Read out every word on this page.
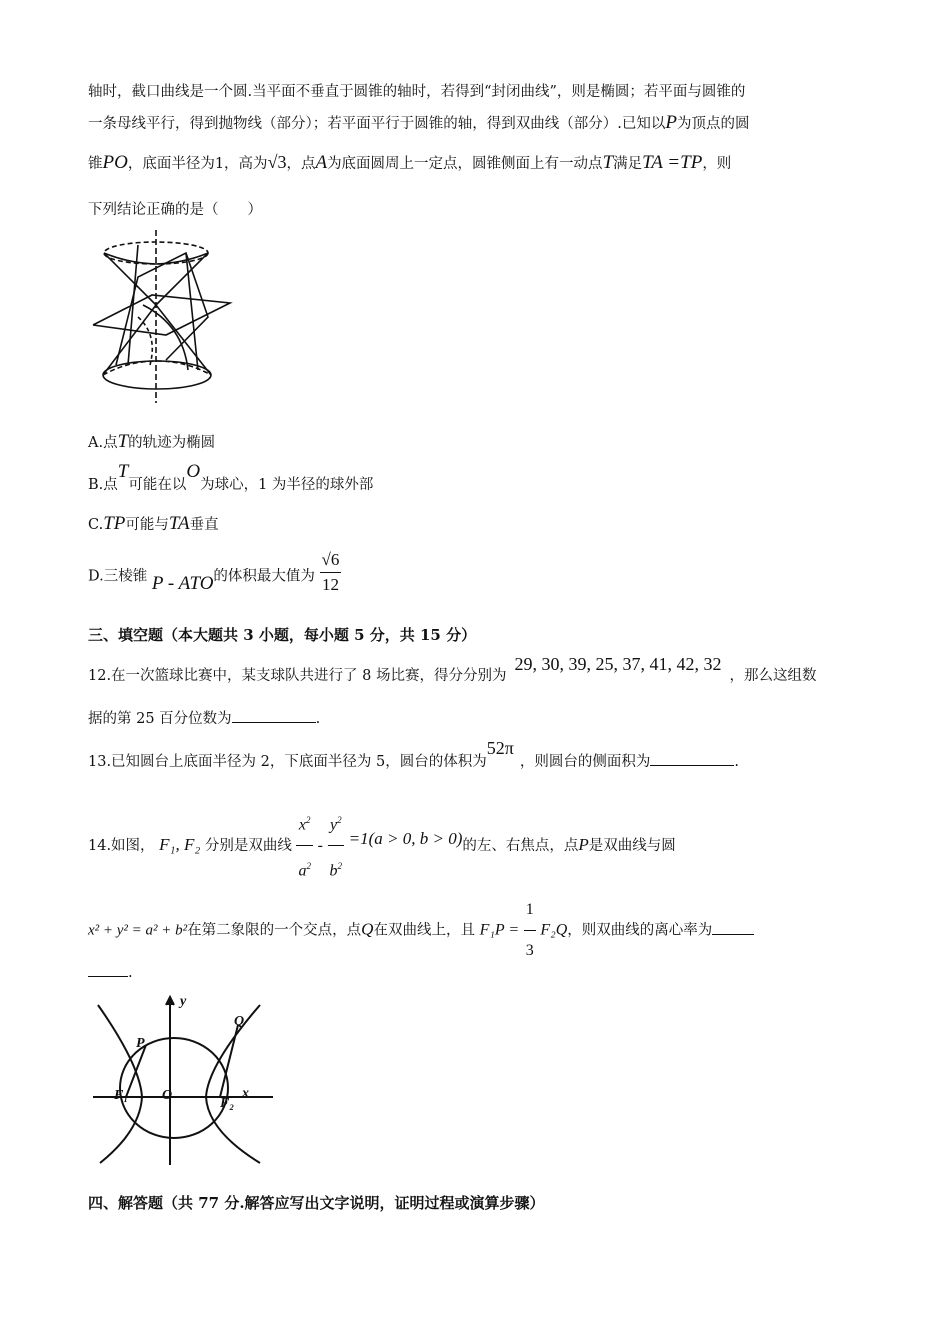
轴时，截口曲线是一个圆.当平面不垂直于圆锥的轴时，若得到“封闭曲线”，则是椭圆；若平面与圆锥的
一条母线平行，得到抛物线（部分）；若平面平行于圆锥的轴，得到双曲线（部分）.已知以P为顶点的圆
锥PO，底面半径为1，高为√3，点A为底面圆周上一定点，圆锥侧面上有一动点T满足TA =TP，则
下列结论正确的是（　　）
A.点T的轨迹为椭圆
B.点T可能在以O为球心，1 为半径的球外部
C.TP可能与TA垂直
D.三棱锥 P - ATO的体积最大值为 $\frac{√6}{12}$
三、填空题（本大题共 3 小题，每小题 5 分，共 15 分）
12.在一次篮球比赛中，某支球队共进行了 8 场比赛，得分分别为29, 30, 39, 25, 37, 41, 42, 32，那么这组数
据的第 25 百分位数为	.
13.已知圆台上底面半径为 2，下底面半径为 5，圆台的体积为52π，则圆台的侧面积为	.
14.如图， F₁, F₂ 分别是双曲线 $\frac{x^2}{a^2} - \frac{y^2}{b^2} =1(a > 0$, b > 0)的左、右焦点，点P是双曲线与圆
x² + y² = a² + b²在第二象限的一个交点，点Q在双曲线上，且 $F_1P = \frac{1}{3} F_2Q$，则双曲线的离心率为
.
y
x
P
Q
O
F₁
F₂
四、解答题（共 77 分.解答应写出文字说明，证明过程或演算步骤）
